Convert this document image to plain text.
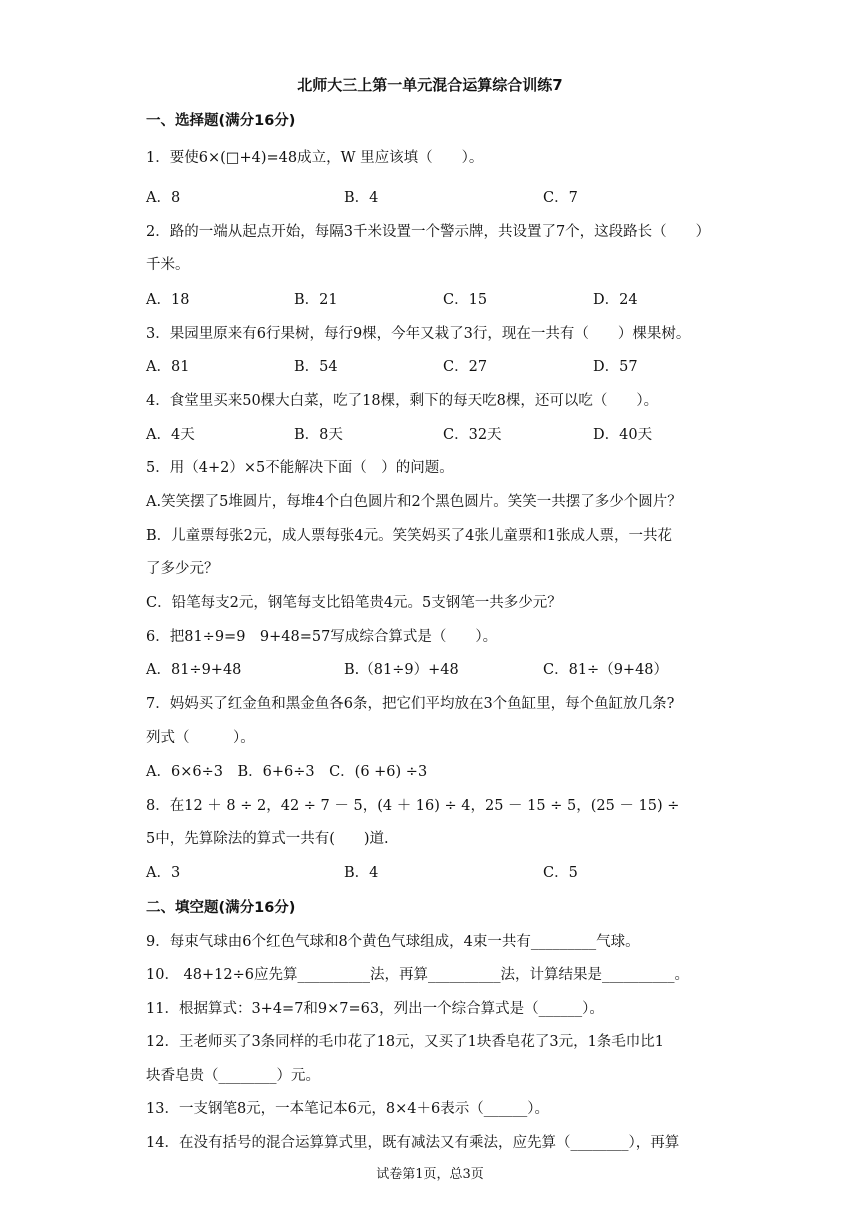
北师大三上第一单元混合运算综合训练7
一、选择题(满分16分)
1．要使6×(□+4)=48成立，W 里应该填（　　）。
A．8	B．4	C．7
2．路的一端从起点开始，每隔3千米设置一个警示牌，共设置了7个，这段路长（　　）
千米。
A．18	B．21	C．15	D．24
3．果园里原来有6行果树，每行9棵，今年又栽了3行，现在一共有（　　）棵果树。
A．81	B．54	C．27	D．57
4．食堂里买来50棵大白菜，吃了18棵，剩下的每天吃8棵，还可以吃（　　）。
A．4天	B．8天	C．32天	D．40天
5．用（4+2）×5不能解决下面（　）的问题。
A.笑笑摆了5堆圆片，每堆4个白色圆片和2个黑色圆片。笑笑一共摆了多少个圆片？
B．儿童票每张2元，成人票每张4元。笑笑妈买了4张儿童票和1张成人票，一共花
了多少元？
C．铅笔每支2元，钢笔每支比铅笔贵4元。5支钢笔一共多少元？
6．把81÷9=9　9+48=57写成综合算式是（　　）。
A．81÷9+48	B.（81÷9）+48	C．81÷（9+48）
7．妈妈买了红金鱼和黑金鱼各6条，把它们平均放在3个鱼缸里，每个鱼缸放几条?
列式（　　　）。
A．6×6÷3　B．6+6÷3　C．(6 +6) ÷3
8．在12 ＋ 8 ÷ 2，42 ÷ 7 － 5，(4 ＋ 16) ÷ 4，25 － 15 ÷ 5，(25 － 15) ÷
5中，先算除法的算式一共有(　　)道.
A．3	B．4	C．5
二、填空题(满分16分)
9．每束气球由6个红色气球和8个黄色气球组成，4束一共有_________气球。
10． 48+12÷6应先算__________法，再算__________法，计算结果是__________。
11．根据算式：3+4=7和9×7=63，列出一个综合算式是（______）。
12．王老师买了3条同样的毛巾花了18元，又买了1块香皂花了3元，1条毛巾比1
块香皂贵（________）元。
13．一支钢笔8元，一本笔记本6元，8×4＋6表示（______）。
14．在没有括号的混合运算算式里，既有减法又有乘法，应先算（________），再算
试卷第1页，总3页
